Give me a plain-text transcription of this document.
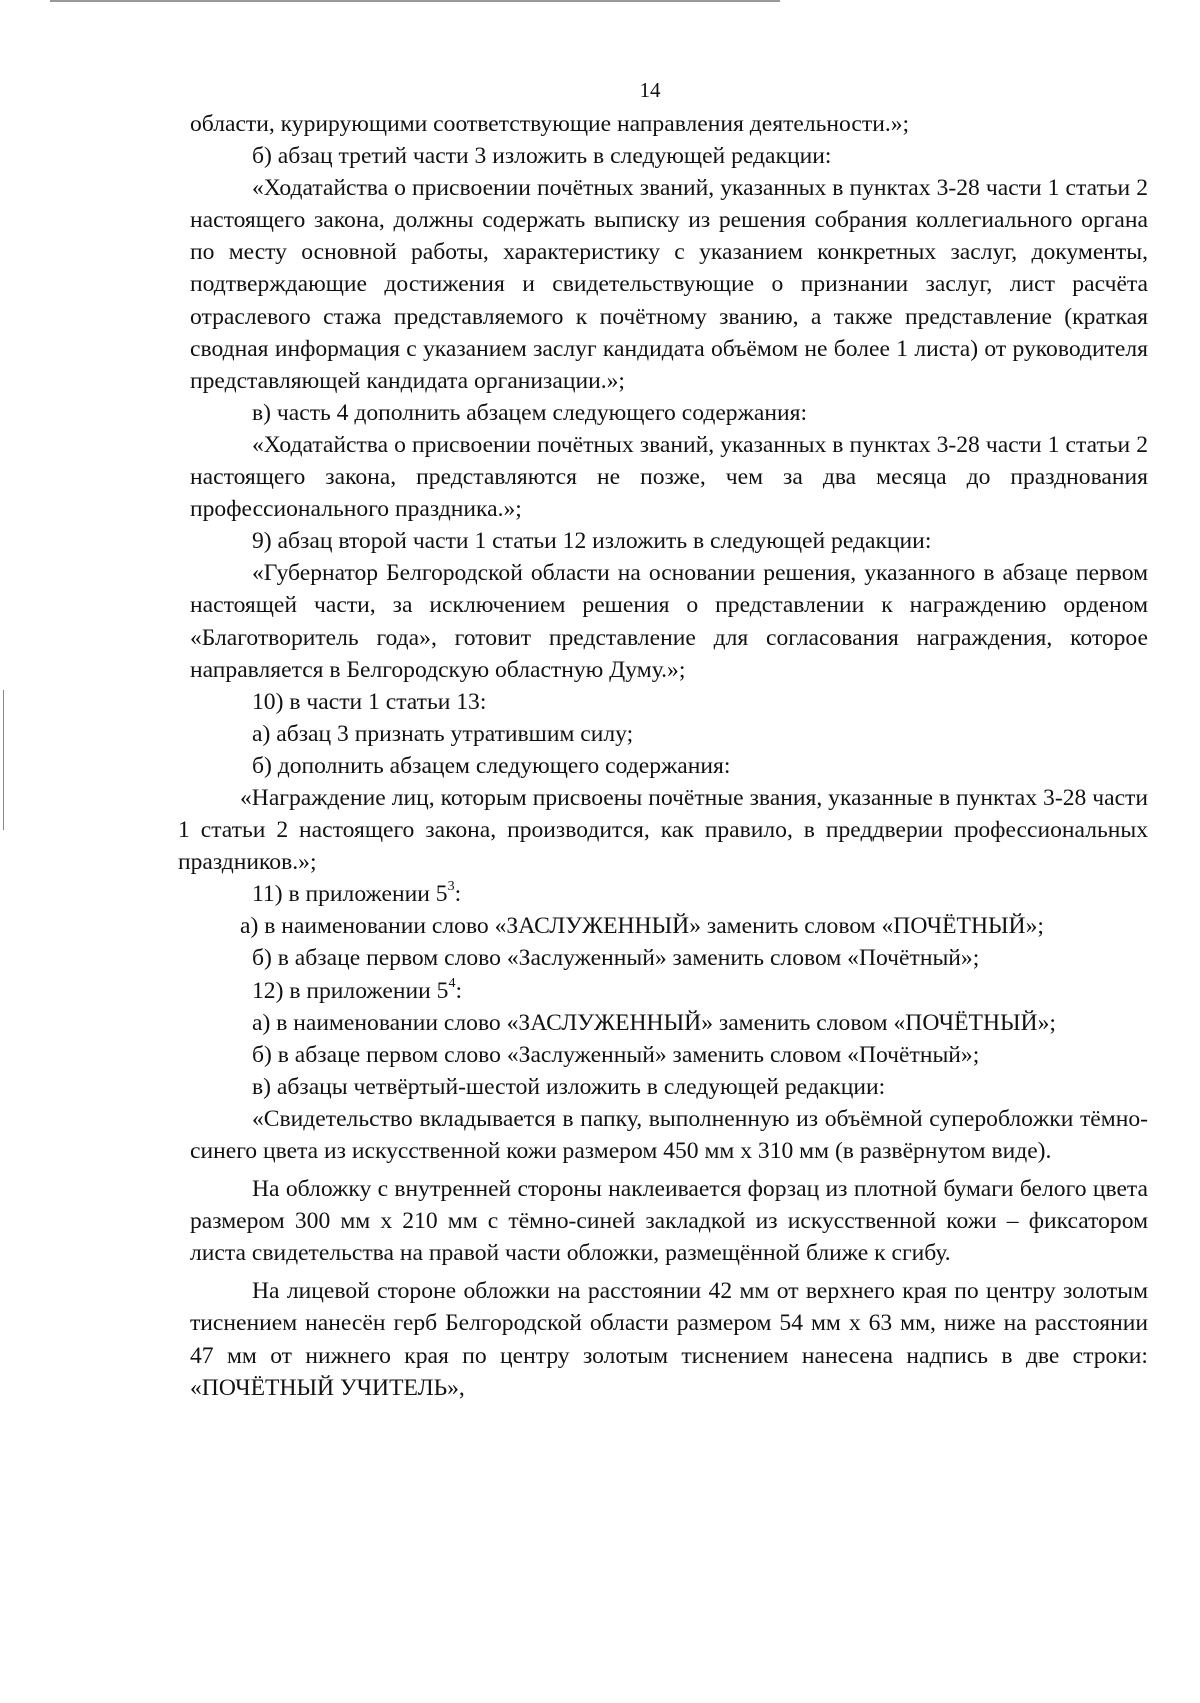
14

области, курирующими соответствующие направления деятельности.»;

б) абзац третий части 3 изложить в следующей редакции:

«Ходатайства о присвоении почётных званий, указанных в пунктах 3-28 части 1 статьи 2 настоящего закона, должны содержать выписку из решения собрания коллегиального органа по месту основной работы, характеристику с указанием конкретных заслуг, документы, подтверждающие достижения и свидетельствующие о признании заслуг, лист расчёта отраслевого стажа представляемого к почётному званию, а также представление (краткая сводная информация с указанием заслуг кандидата объёмом не более 1 листа) от руководителя представляющей кандидата организации.»;

в) часть 4 дополнить абзацем следующего содержания:

«Ходатайства о присвоении почётных званий, указанных в пунктах 3-28 части 1 статьи 2 настоящего закона, представляются не позже, чем за два месяца до празднования профессионального праздника.»;

9) абзац второй части 1 статьи 12 изложить в следующей редакции:

«Губернатор Белгородской области на основании решения, указанного в абзаце первом настоящей части, за исключением решения о представлении к награждению орденом «Благотворитель года», готовит представление для согласования награждения, которое направляется в Белгородскую областную Думу.»;

10) в части 1 статьи 13:

а) абзац 3 признать утратившим силу;

б) дополнить абзацем следующего содержания:

«Награждение лиц, которым присвоены почётные звания, указанные в пунктах 3-28 части 1 статьи 2 настоящего закона, производится, как правило, в преддверии профессиональных праздников.»;

11) в приложении $5^3$:

а) в наименовании слово «ЗАСЛУЖЕННЫЙ» заменить словом «ПОЧЁТНЫЙ»;

б) в абзаце первом слово «Заслуженный» заменить словом «Почётный»;

12) в приложении $5^4$:

а) в наименовании слово «ЗАСЛУЖЕННЫЙ» заменить словом «ПОЧЁТНЫЙ»;

б) в абзаце первом слово «Заслуженный» заменить словом «Почётный»;

в) абзацы четвёртый-шестой изложить в следующей редакции:

«Свидетельство вкладывается в папку, выполненную из объёмной супероблoжки тёмно-синего цвета из искусственной кожи размером 450 мм х 310 мм (в развёрнутом виде).

На обложку с внутренней стороны наклеивается форзац из плотной бумаги белого цвета размером 300 мм х 210 мм с тёмно-синей закладкой из искусственной кожи – фиксатором листа свидетельства на правой части обложки, размещённой ближе к сгибу.

На лицевой стороне обложки на расстоянии 42 мм от верхнего края по центру золотым тиснением нанесён герб Белгородской области размером 54 мм х 63 мм, ниже на расстоянии 47 мм от нижнего края по центру золотым тиснением нанесена надпись в две строки: «ПОЧЁТНЫЙ УЧИТЕЛЬ»,
